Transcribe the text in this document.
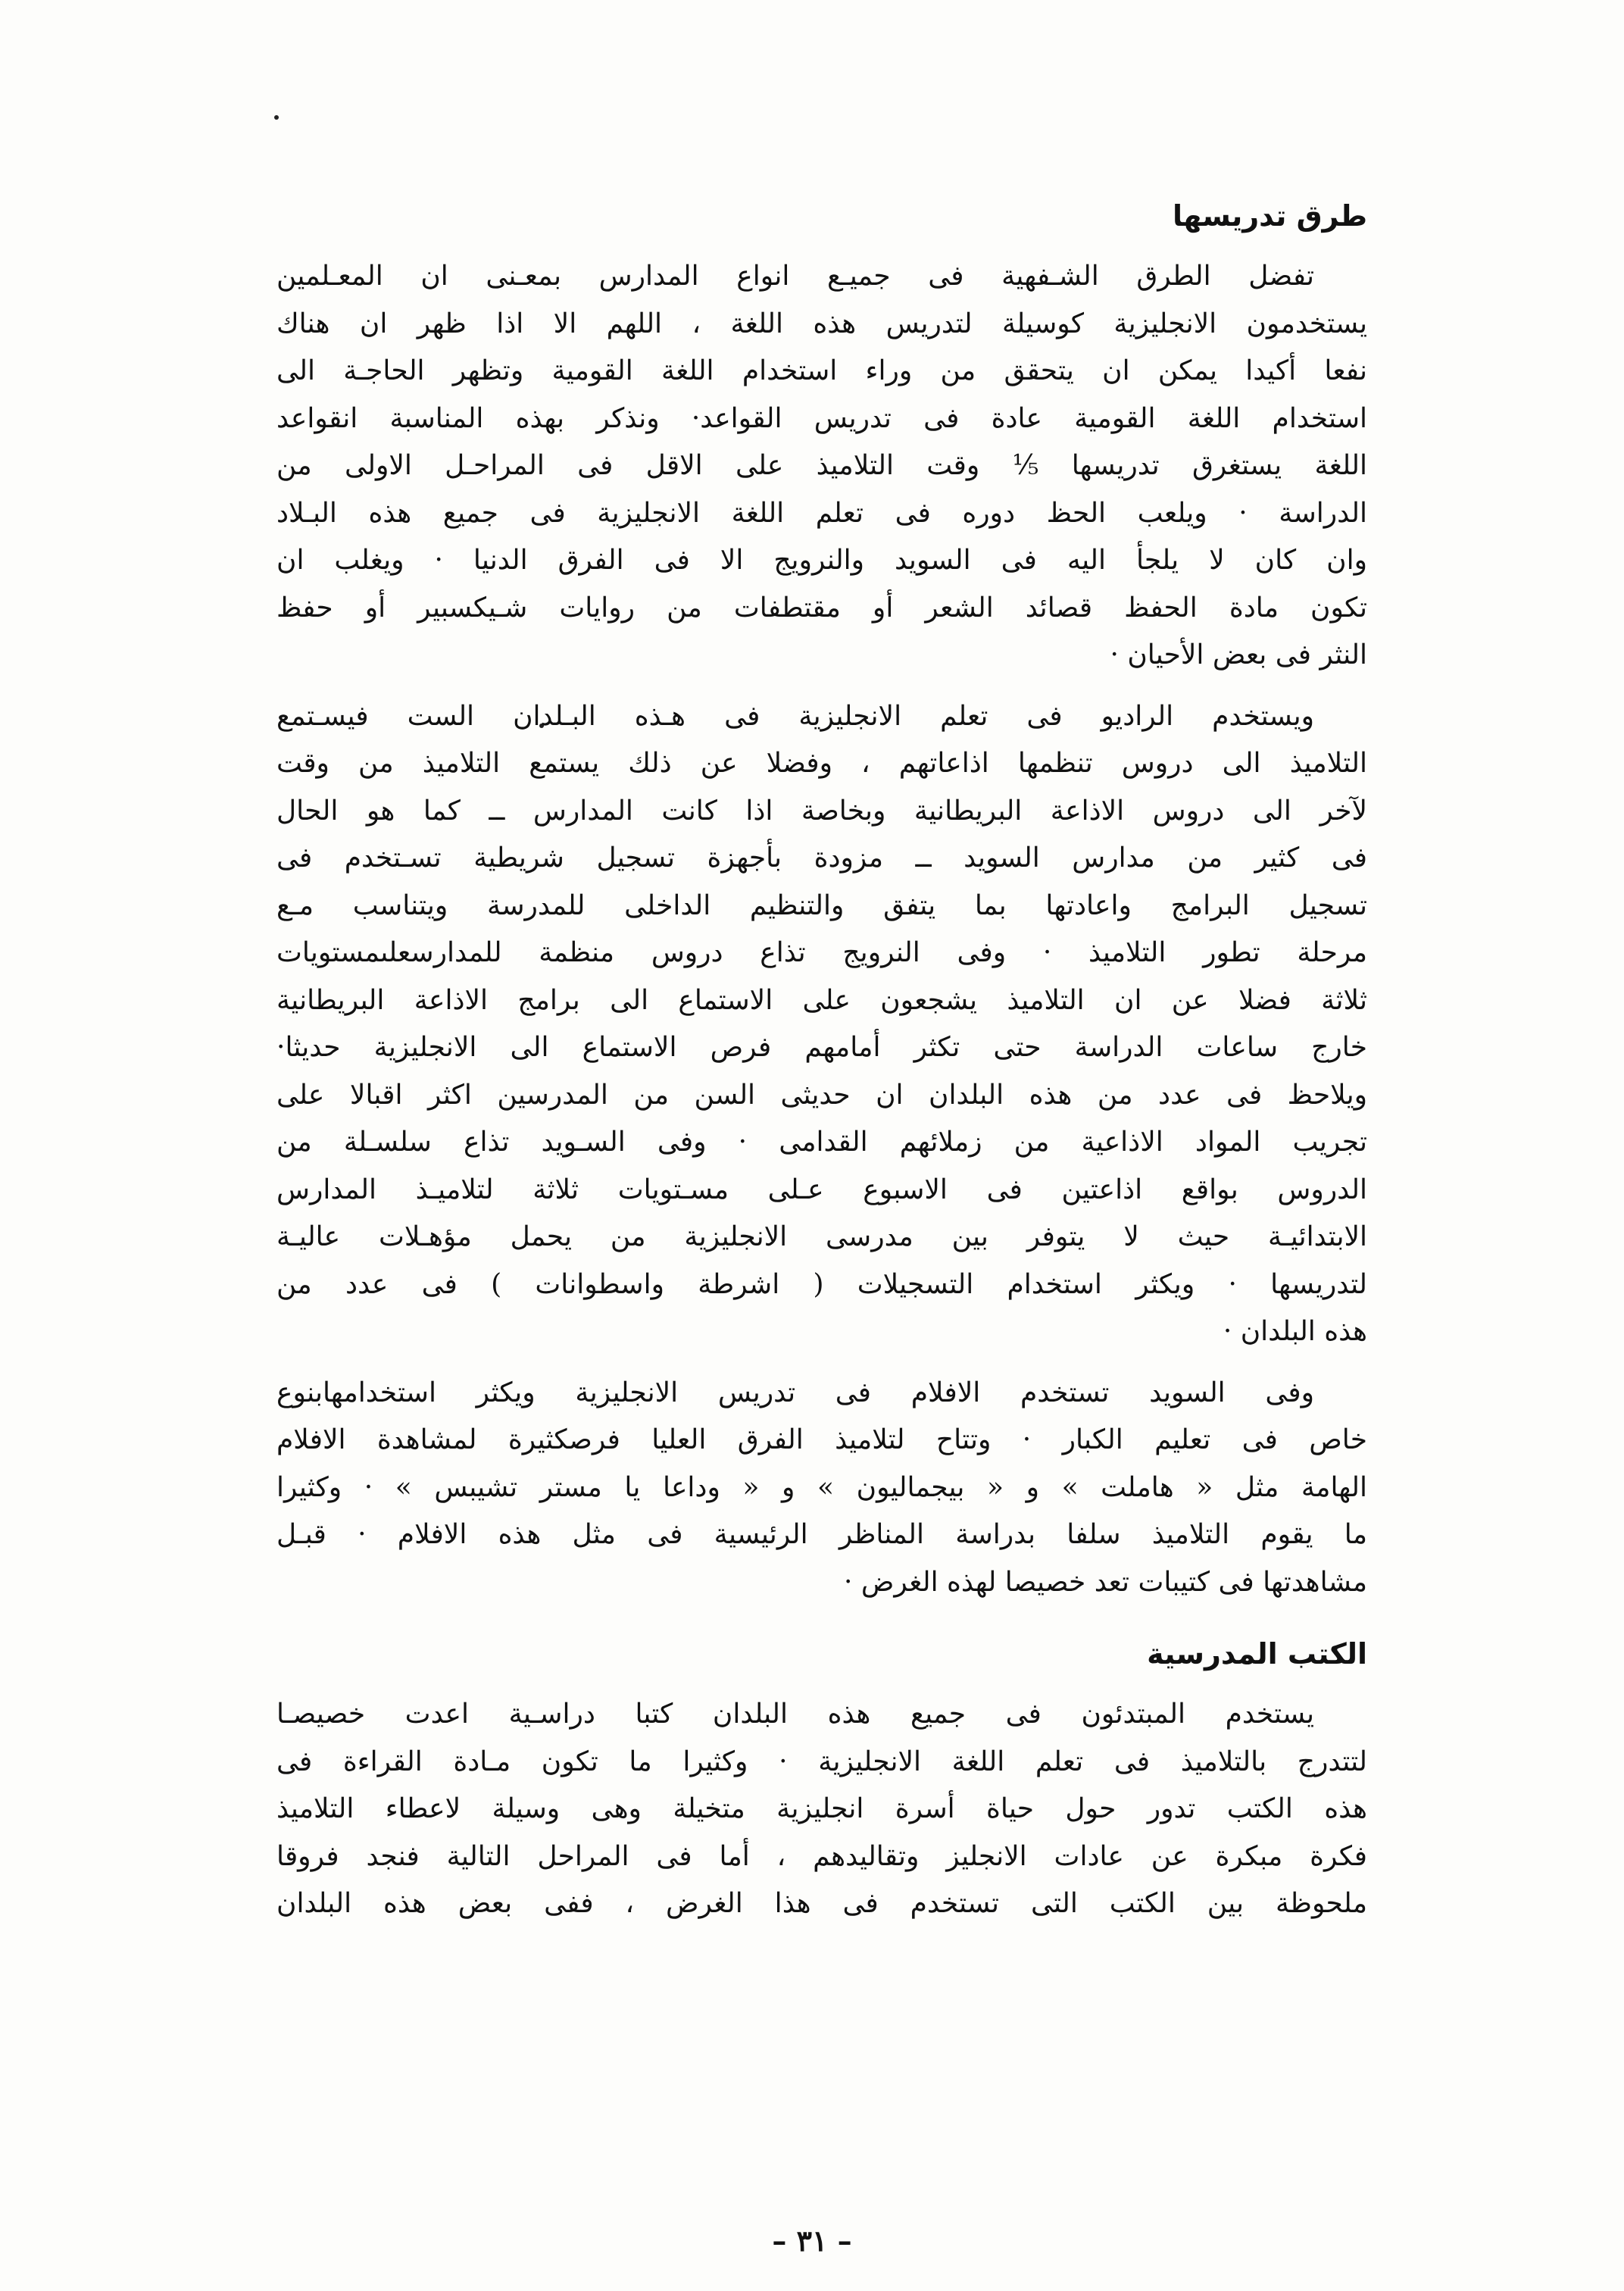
طرق تدريسها
تفضل الطرق الشـفهية فى جميـع انواع المدارس بمعـنى ان المعـلمين
يستخدمون الانجليزية كوسيلة لتدريس هذه اللغة ، اللهم الا اذا ظهر ان هناك
نفعا أكيدا يمكن ان يتحقق من وراء استخدام اللغة القومية وتظهر الحاجـة الى
استخدام اللغة القومية عادة فى تدريس القواعد· ونذكر بهذه المناسبة انقواعد
اللغة يستغرق تدريسها ⅕ وقت التلاميذ على الاقل فى المراحـل الاولى من
الدراسة · ويلعب الحظ دوره فى تعلم اللغة الانجليزية فى جميع هذه البـلاد
وان كان لا يلجأ اليه فى السويد والنرويج الا فى الفرق الدنيا · ويغلب ان
تكون مادة الحفظ قصائد الشعر أو مقتطفات من روايات شـيكسبير أو حفظ
النثر فى بعض الأحيان ·
ويستخدم الراديو فى تعلم الانجليزية فى هـذه البـلدان الست فيسـتمع
التلاميذ الى دروس تنظمها اذاعاتهم ، وفضلا عن ذلك يستمع التلاميذ من وقت
لآخر الى دروس الاذاعة البريطانية وبخاصة اذا كانت المدارس ــ كما هو الحال
فى كثير من مدارس السويد ــ مزودة بأجهزة تسجيل شريطية تسـتخدم فى
تسجيل البرامج واعادتها بما يتفق والتنظيم الداخلى للمدرسة ويتناسب مـع
مرحلة تطور التلاميذ · وفى النرويج تذاع دروس منظمة للمدارسعلىمستويات
ثلاثة فضلا عن ان التلاميذ يشجعون على الاستماع الى برامج الاذاعة البريطانية
خارج ساعات الدراسة حتى تكثر أمامهم فرص الاستماع الى الانجليزية حديثا·
ويلاحظ فى عدد من هذه البلدان ان حديثى السن من المدرسين اكثر اقبالا على
تجريب المواد الاذاعية من زملائهم القدامى · وفى السـويد تذاع سلسـلة من
الدروس بواقع اذاعتين فى الاسبوع عـلى مسـتويات ثلاثة لتلاميـذ المدارس
الابتدائيـة حيث لا يتوفر بين مدرسى الانجليزية من يحمل مؤهـلات عاليـة
لتدريسها · ويكثر استخدام التسجيلات ( اشرطة واسطوانات ) فى عدد من
هذه البلدان ·
وفى السويد تستخدم الافلام فى تدريس الانجليزية ويكثر استخدامهابنوع
خاص فى تعليم الكبار · وتتاح لتلاميذ الفرق العليا فرصكثيرة لمشاهدة الافلام
الهامة مثل « هاملت » و « بيجماليون » و « وداعا يا مستر تشيبس » · وكثيرا
ما يقوم التلاميذ سلفا بدراسة المناظر الرئيسية فى مثل هذه الافلام · قبـل
مشاهدتها فى كتيبات تعد خصيصا لهذه الغرض ·
الكتب المدرسية
يستخدم المبتدئون فى جميع هذه البلدان كتبا دراسـية اعدت خصيصـا
لتتدرج بالتلاميذ فى تعلم اللغة الانجليزية · وكثيرا ما تكون مـادة القراءة فى
هذه الكتب تدور حول حياة أسرة انجليزية متخيلة وهى وسيلة لاعطاء التلاميذ
فكرة مبكرة عن عادات الانجليز وتقاليدهم ، أما فى المراحل التالية فنجد فروقا
ملحوظة بين الكتب التى تستخدم فى هذا الغرض ، ففى بعض هذه البلدان
– ٣١ –
